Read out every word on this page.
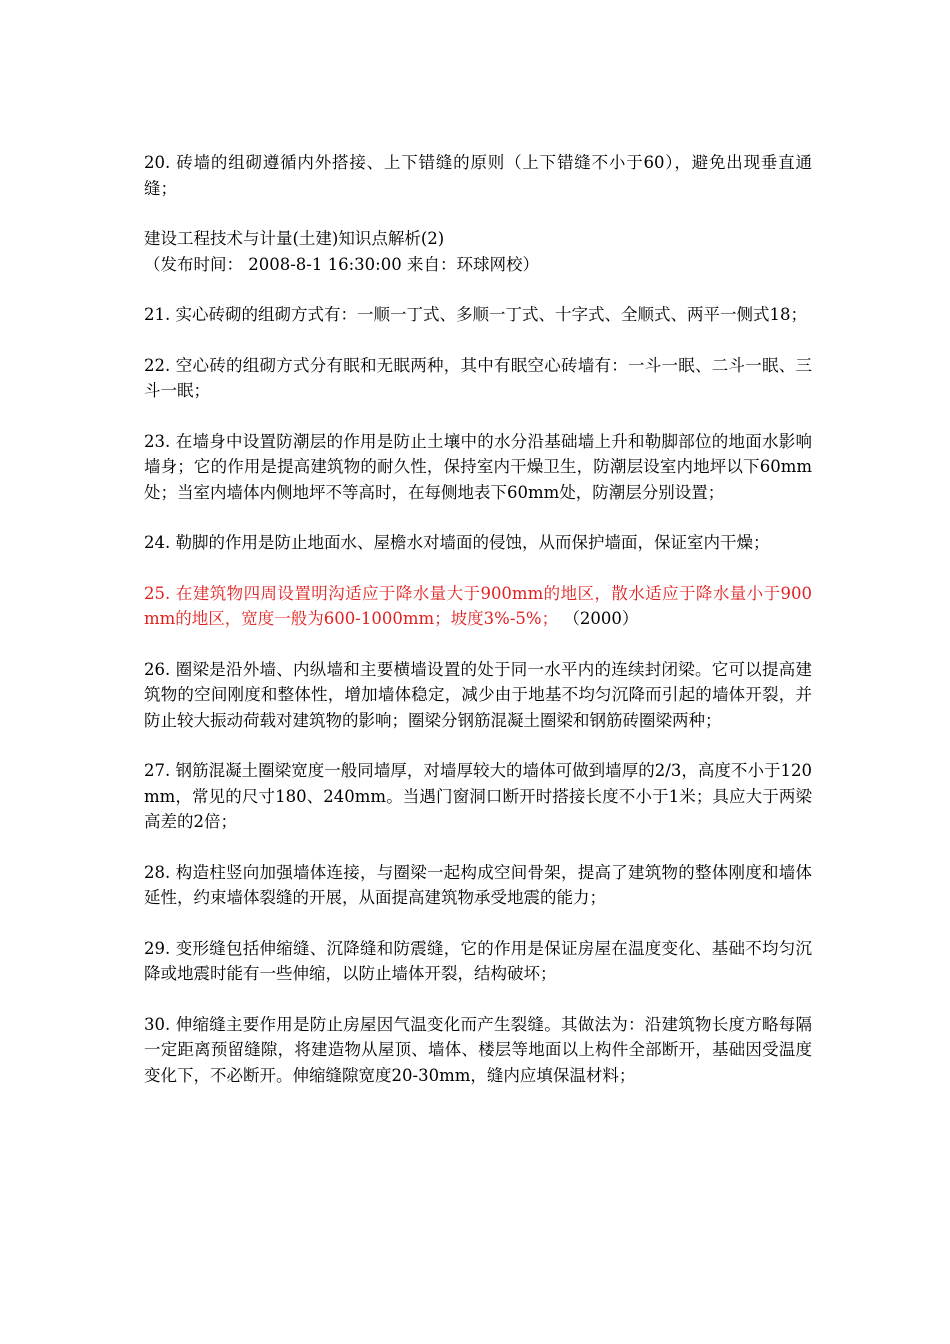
20. 砖墙的组砌遵循内外搭接、上下错缝的原则（上下错缝不小于60），避免出现垂直通缝；

建设工程技术与计量(土建)知识点解析(2)
（发布时间： 2008-8-1 16:30:00 来自：环球网校）

21. 实心砖砌的组砌方式有：一顺一丁式、多顺一丁式、十字式、全顺式、两平一侧式18；

22. 空心砖的组砌方式分有眠和无眠两种，其中有眠空心砖墙有：一斗一眠、二斗一眠、三斗一眠；

23. 在墙身中设置防潮层的作用是防止土壤中的水分沿基础墙上升和勒脚部位的地面水影响墙身；它的作用是提高建筑物的耐久性，保持室内干燥卫生，防潮层设室内地坪以下60mm处；当室内墙体内侧地坪不等高时，在每侧地表下60mm处，防潮层分别设置；

24. 勒脚的作用是防止地面水、屋檐水对墙面的侵蚀，从而保护墙面，保证室内干燥；

25. 在建筑物四周设置明沟适应于降水量大于900mm的地区，散水适应于降水量小于900mm的地区，宽度一般为600-1000mm；坡度3%-5%； （2000）

26. 圈梁是沿外墙、内纵墙和主要横墙设置的处于同一水平内的连续封闭梁。它可以提高建筑物的空间刚度和整体性，增加墙体稳定，减少由于地基不均匀沉降而引起的墙体开裂，并防止较大振动荷载对建筑物的影响；圈梁分钢筋混凝土圈梁和钢筋砖圈梁两种；

27. 钢筋混凝土圈梁宽度一般同墙厚，对墙厚较大的墙体可做到墙厚的2/3，高度不小于120mm，常见的尺寸180、240mm。当遇门窗洞口断开时搭接长度不小于1米；具应大于两梁高差的2倍；

28. 构造柱竖向加强墙体连接，与圈梁一起构成空间骨架，提高了建筑物的整体刚度和墙体延性，约束墙体裂缝的开展，从面提高建筑物承受地震的能力；

29. 变形缝包括伸缩缝、沉降缝和防震缝，它的作用是保证房屋在温度变化、基础不均匀沉降或地震时能有一些伸缩，以防止墙体开裂，结构破坏；

30. 伸缩缝主要作用是防止房屋因气温变化而产生裂缝。其做法为：沿建筑物长度方略每隔一定距离预留缝隙，将建造物从屋顶、墙体、楼层等地面以上构件全部断开，基础因受温度变化下，不必断开。伸缩缝隙宽度20-30mm，缝内应填保温材料；
